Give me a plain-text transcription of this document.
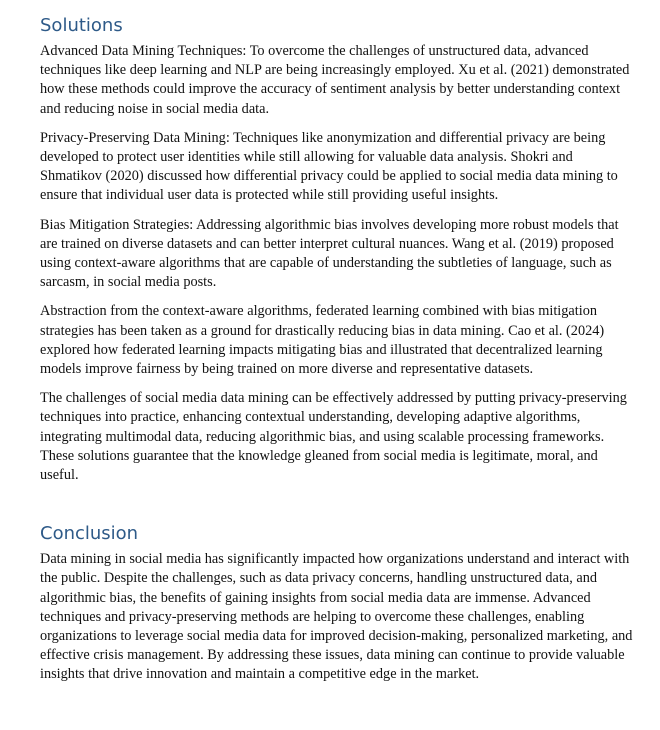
Solutions

Advanced Data Mining Techniques: To overcome the challenges of unstructured data, advanced techniques like deep learning and NLP are being increasingly employed. Xu et al. (2021) demonstrated how these methods could improve the accuracy of sentiment analysis by better understanding context and reducing noise in social media data.

Privacy-Preserving Data Mining: Techniques like anonymization and differential privacy are being developed to protect user identities while still allowing for valuable data analysis. Shokri and Shmatikov (2020) discussed how differential privacy could be applied to social media data mining to ensure that individual user data is protected while still providing useful insights.

Bias Mitigation Strategies: Addressing algorithmic bias involves developing more robust models that are trained on diverse datasets and can better interpret cultural nuances. Wang et al. (2019) proposed using context-aware algorithms that are capable of understanding the subtleties of language, such as sarcasm, in social media posts.

Abstraction from the context-aware algorithms, federated learning combined with bias mitigation strategies has been taken as a ground for drastically reducing bias in data mining. Cao et al. (2024) explored how federated learning impacts mitigating bias and illustrated that decentralized learning models improve fairness by being trained on more diverse and representative datasets.

The challenges of social media data mining can be effectively addressed by putting privacy-preserving techniques into practice, enhancing contextual understanding, developing adaptive algorithms, integrating multimodal data, reducing algorithmic bias, and using scalable processing frameworks. These solutions guarantee that the knowledge gleaned from social media is legitimate, moral, and useful.

Conclusion

Data mining in social media has significantly impacted how organizations understand and interact with the public. Despite the challenges, such as data privacy concerns, handling unstructured data, and algorithmic bias, the benefits of gaining insights from social media data are immense. Advanced techniques and privacy-preserving methods are helping to overcome these challenges, enabling organizations to leverage social media data for improved decision-making, personalized marketing, and effective crisis management. By addressing these issues, data mining can continue to provide valuable insights that drive innovation and maintain a competitive edge in the market.
